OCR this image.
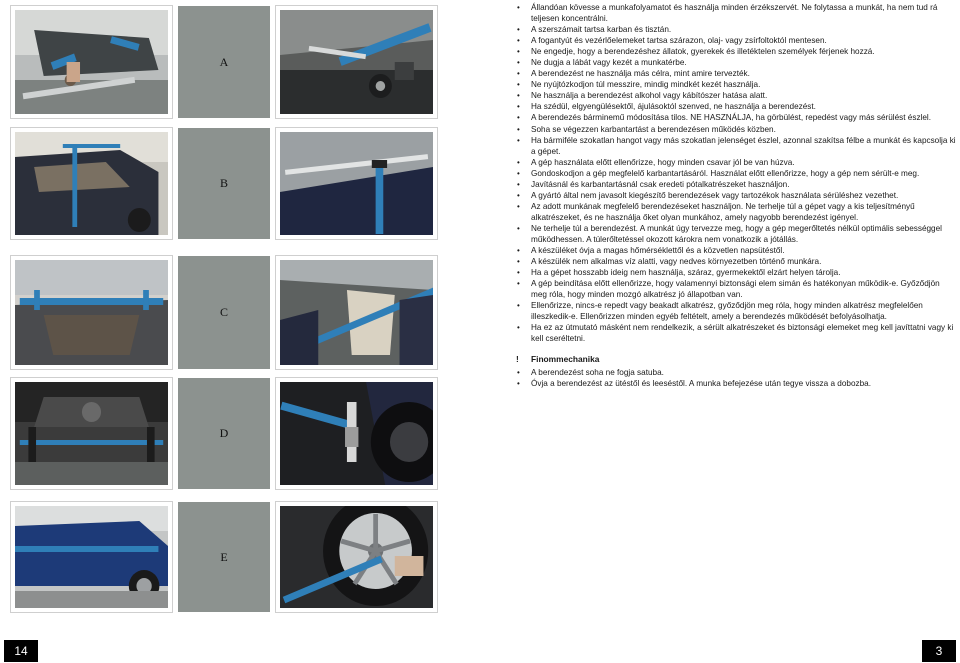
A
B
C
D
E
• Állandóan kövesse a munkafolyamatot és használja minden érzékszervét. Ne folytassa a munkát, ha nem tud rá teljesen koncentrálni.
• A szerszámait tartsa karban és tisztán.
• A fogantyút és vezérlőelemeket tartsa szárazon, olaj- vagy zsírfoltoktól mentesen.
• Ne engedje, hogy a berendezéshez állatok, gyerekek és illetéktelen személyek férjenek hozzá.
• Ne dugja a lábát vagy kezét a munkatérbe.
• A berendezést ne használja más célra, mint amire tervezték.
• Ne nyújtózkodjon túl messzire, mindig mindkét kezét használja.
• Ne használja a berendezést alkohol vagy kábítószer hatása alatt.
• Ha szédül, elgyengülésektől, ájulásoktól szenved, ne használja a berendezést.
• A berendezés bárminemű módosítása tilos. NE HASZNÁLJA, ha görbülést, repedést vagy más sérülést észlel.
• Soha se végezzen karbantartást a berendezésen működés közben.
• Ha bármiféle szokatlan hangot vagy más szokatlan jelenséget észlel, azonnal szakítsa félbe a munkát és kapcsolja ki a gépet.
• A gép használata előtt ellenőrizze, hogy minden csavar jól be van húzva.
• Gondoskodjon a gép megfelelő karbantartásáról. Használat előtt ellenőrizze, hogy a gép nem sérült-e meg.
• Javításnál és karbantartásnál csak eredeti pótalkatrészeket használjon.
• A gyártó által nem javasolt kiegészítő berendezések vagy tartozékok használata sérüléshez vezethet.
• Az adott munkának megfelelő berendezéseket használjon. Ne terhelje túl a gépet vagy a kis teljesítményű alkatrészeket, és ne használja őket olyan munkához, amely nagyobb berendezést igényel.
• Ne terhelje túl a berendezést. A munkát úgy tervezze meg, hogy a gép megerőltetés nélkül optimális sebességgel működhessen. A túlerőltetéssel okozott károkra nem vonatkozik a jótállás.
• A készüléket óvja a magas hőmérséklettől és a közvetlen napsütéstől.
• A készülék nem alkalmas víz alatti, vagy nedves környezetben történő munkára.
• Ha a gépet hosszabb ideig nem használja, száraz, gyermekektől elzárt helyen tárolja.
• A gép beindítása előtt ellenőrizze, hogy valamennyi biztonsági elem simán és hatékonyan működik-e. Győződjön meg róla, hogy minden mozgó alkatrész jó állapotban van.
• Ellenőrizze, nincs-e repedt vagy beakadt alkatrész, győződjön meg róla, hogy minden alkatrész megfelelően illeszkedik-e. Ellenőrizzen minden egyéb feltételt, amely a berendezés működését befolyásolhatja.
• Ha ez az útmutató másként nem rendelkezik, a sérült alkatrészeket és biztonsági elemeket meg kell javíttatni vagy ki kell cseréltetni.
! Finommechanika
• A berendezést soha ne fogja satuba.
• Óvja a berendezést az ütéstől és leeséstől. A munka befejezése után tegye vissza a dobozba.
14	3
